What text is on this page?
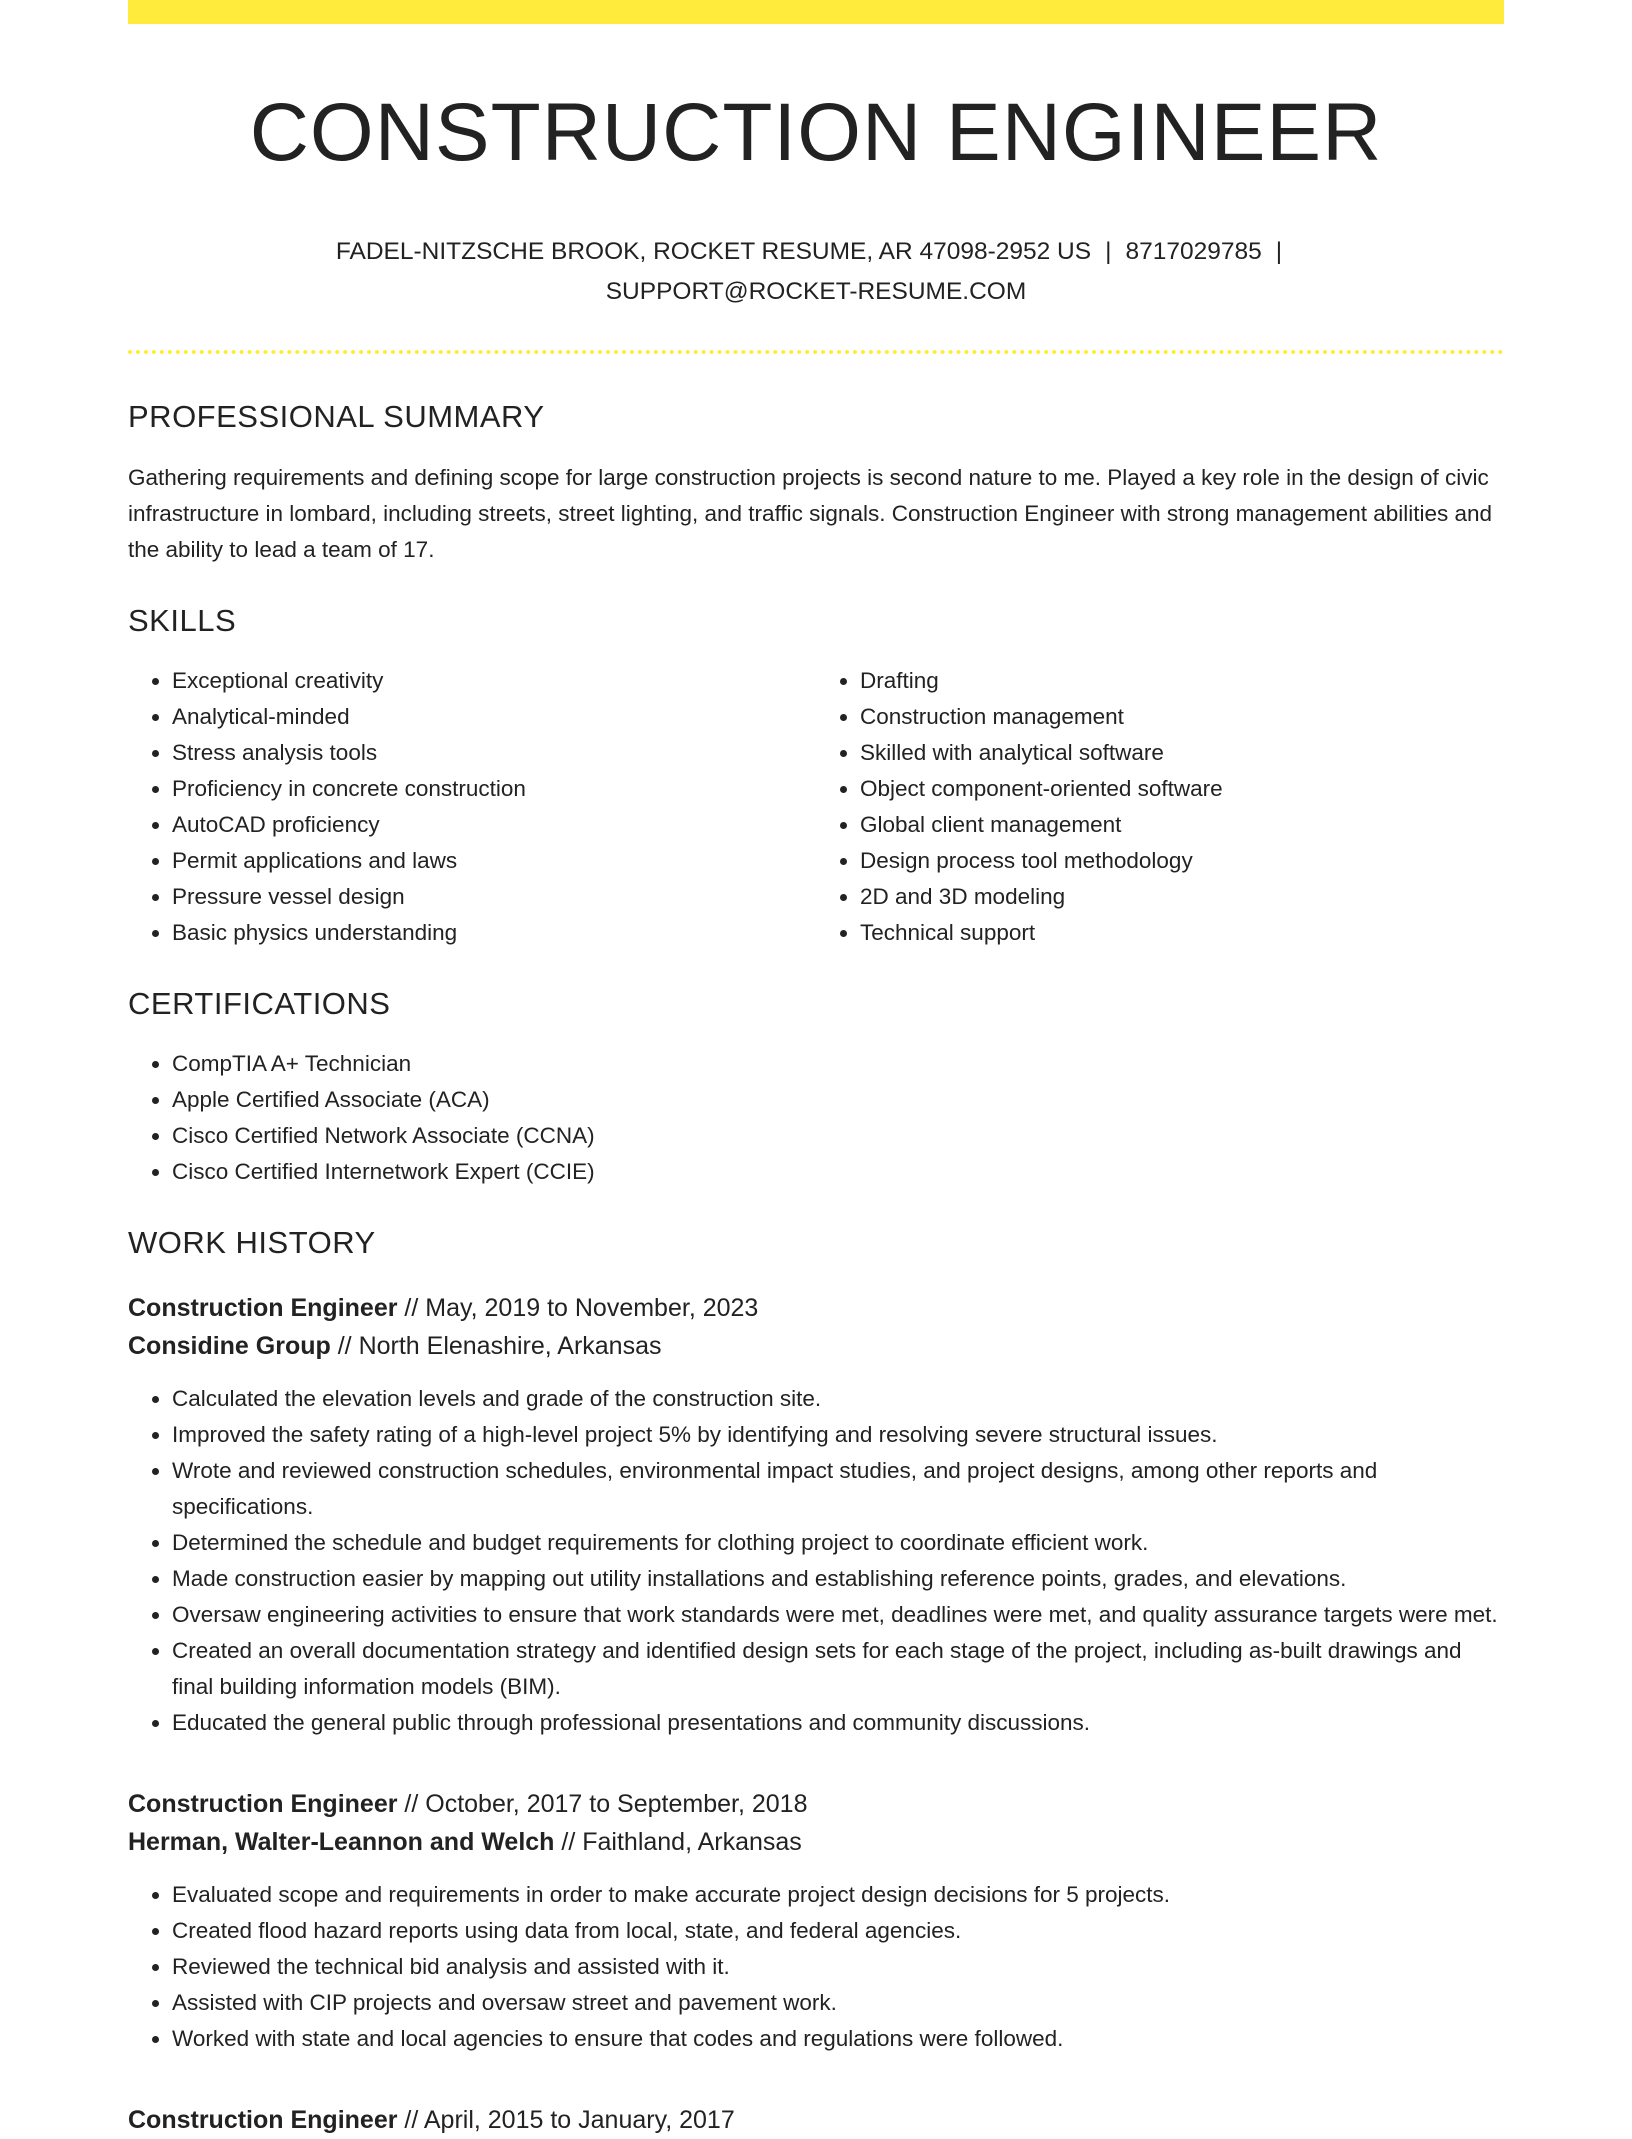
CONSTRUCTION ENGINEER
FADEL-NITZSCHE BROOK, ROCKET RESUME, AR 47098-2952 US | 8717029785 |
SUPPORT@ROCKET-RESUME.COM
PROFESSIONAL SUMMARY

Gathering requirements and defining scope for large construction projects is second nature to me. Played a key role in the design of civic infrastructure in lombard, including streets, street lighting, and traffic signals. Construction Engineer with strong management abilities and the ability to lead a team of 17.

SKILLS
• Exceptional creativity
• Analytical-minded
• Stress analysis tools
• Proficiency in concrete construction
• AutoCAD proficiency
• Permit applications and laws
• Pressure vessel design
• Basic physics understanding
• Drafting
• Construction management
• Skilled with analytical software
• Object component-oriented software
• Global client management
• Design process tool methodology
• 2D and 3D modeling
• Technical support
CERTIFICATIONS
• CompTIA A+ Technician
• Apple Certified Associate (ACA)
• Cisco Certified Network Associate (CCNA)
• Cisco Certified Internetwork Expert (CCIE)
WORK HISTORY
Construction Engineer // May, 2019 to November, 2023
Considine Group // North Elenashire, Arkansas
• Calculated the elevation levels and grade of the construction site.
• Improved the safety rating of a high-level project 5% by identifying and resolving severe structural issues.
• Wrote and reviewed construction schedules, environmental impact studies, and project designs, among other reports and specifications.
• Determined the schedule and budget requirements for clothing project to coordinate efficient work.
• Made construction easier by mapping out utility installations and establishing reference points, grades, and elevations.
• Oversaw engineering activities to ensure that work standards were met, deadlines were met, and quality assurance targets were met.
• Created an overall documentation strategy and identified design sets for each stage of the project, including as-built drawings and final building information models (BIM).
• Educated the general public through professional presentations and community discussions.
Construction Engineer // October, 2017 to September, 2018
Herman, Walter-Leannon and Welch // Faithland, Arkansas
• Evaluated scope and requirements in order to make accurate project design decisions for 5 projects.
• Created flood hazard reports using data from local, state, and federal agencies.
• Reviewed the technical bid analysis and assisted with it.
• Assisted with CIP projects and oversaw street and pavement work.
• Worked with state and local agencies to ensure that codes and regulations were followed.
Construction Engineer // April, 2015 to January, 2017
